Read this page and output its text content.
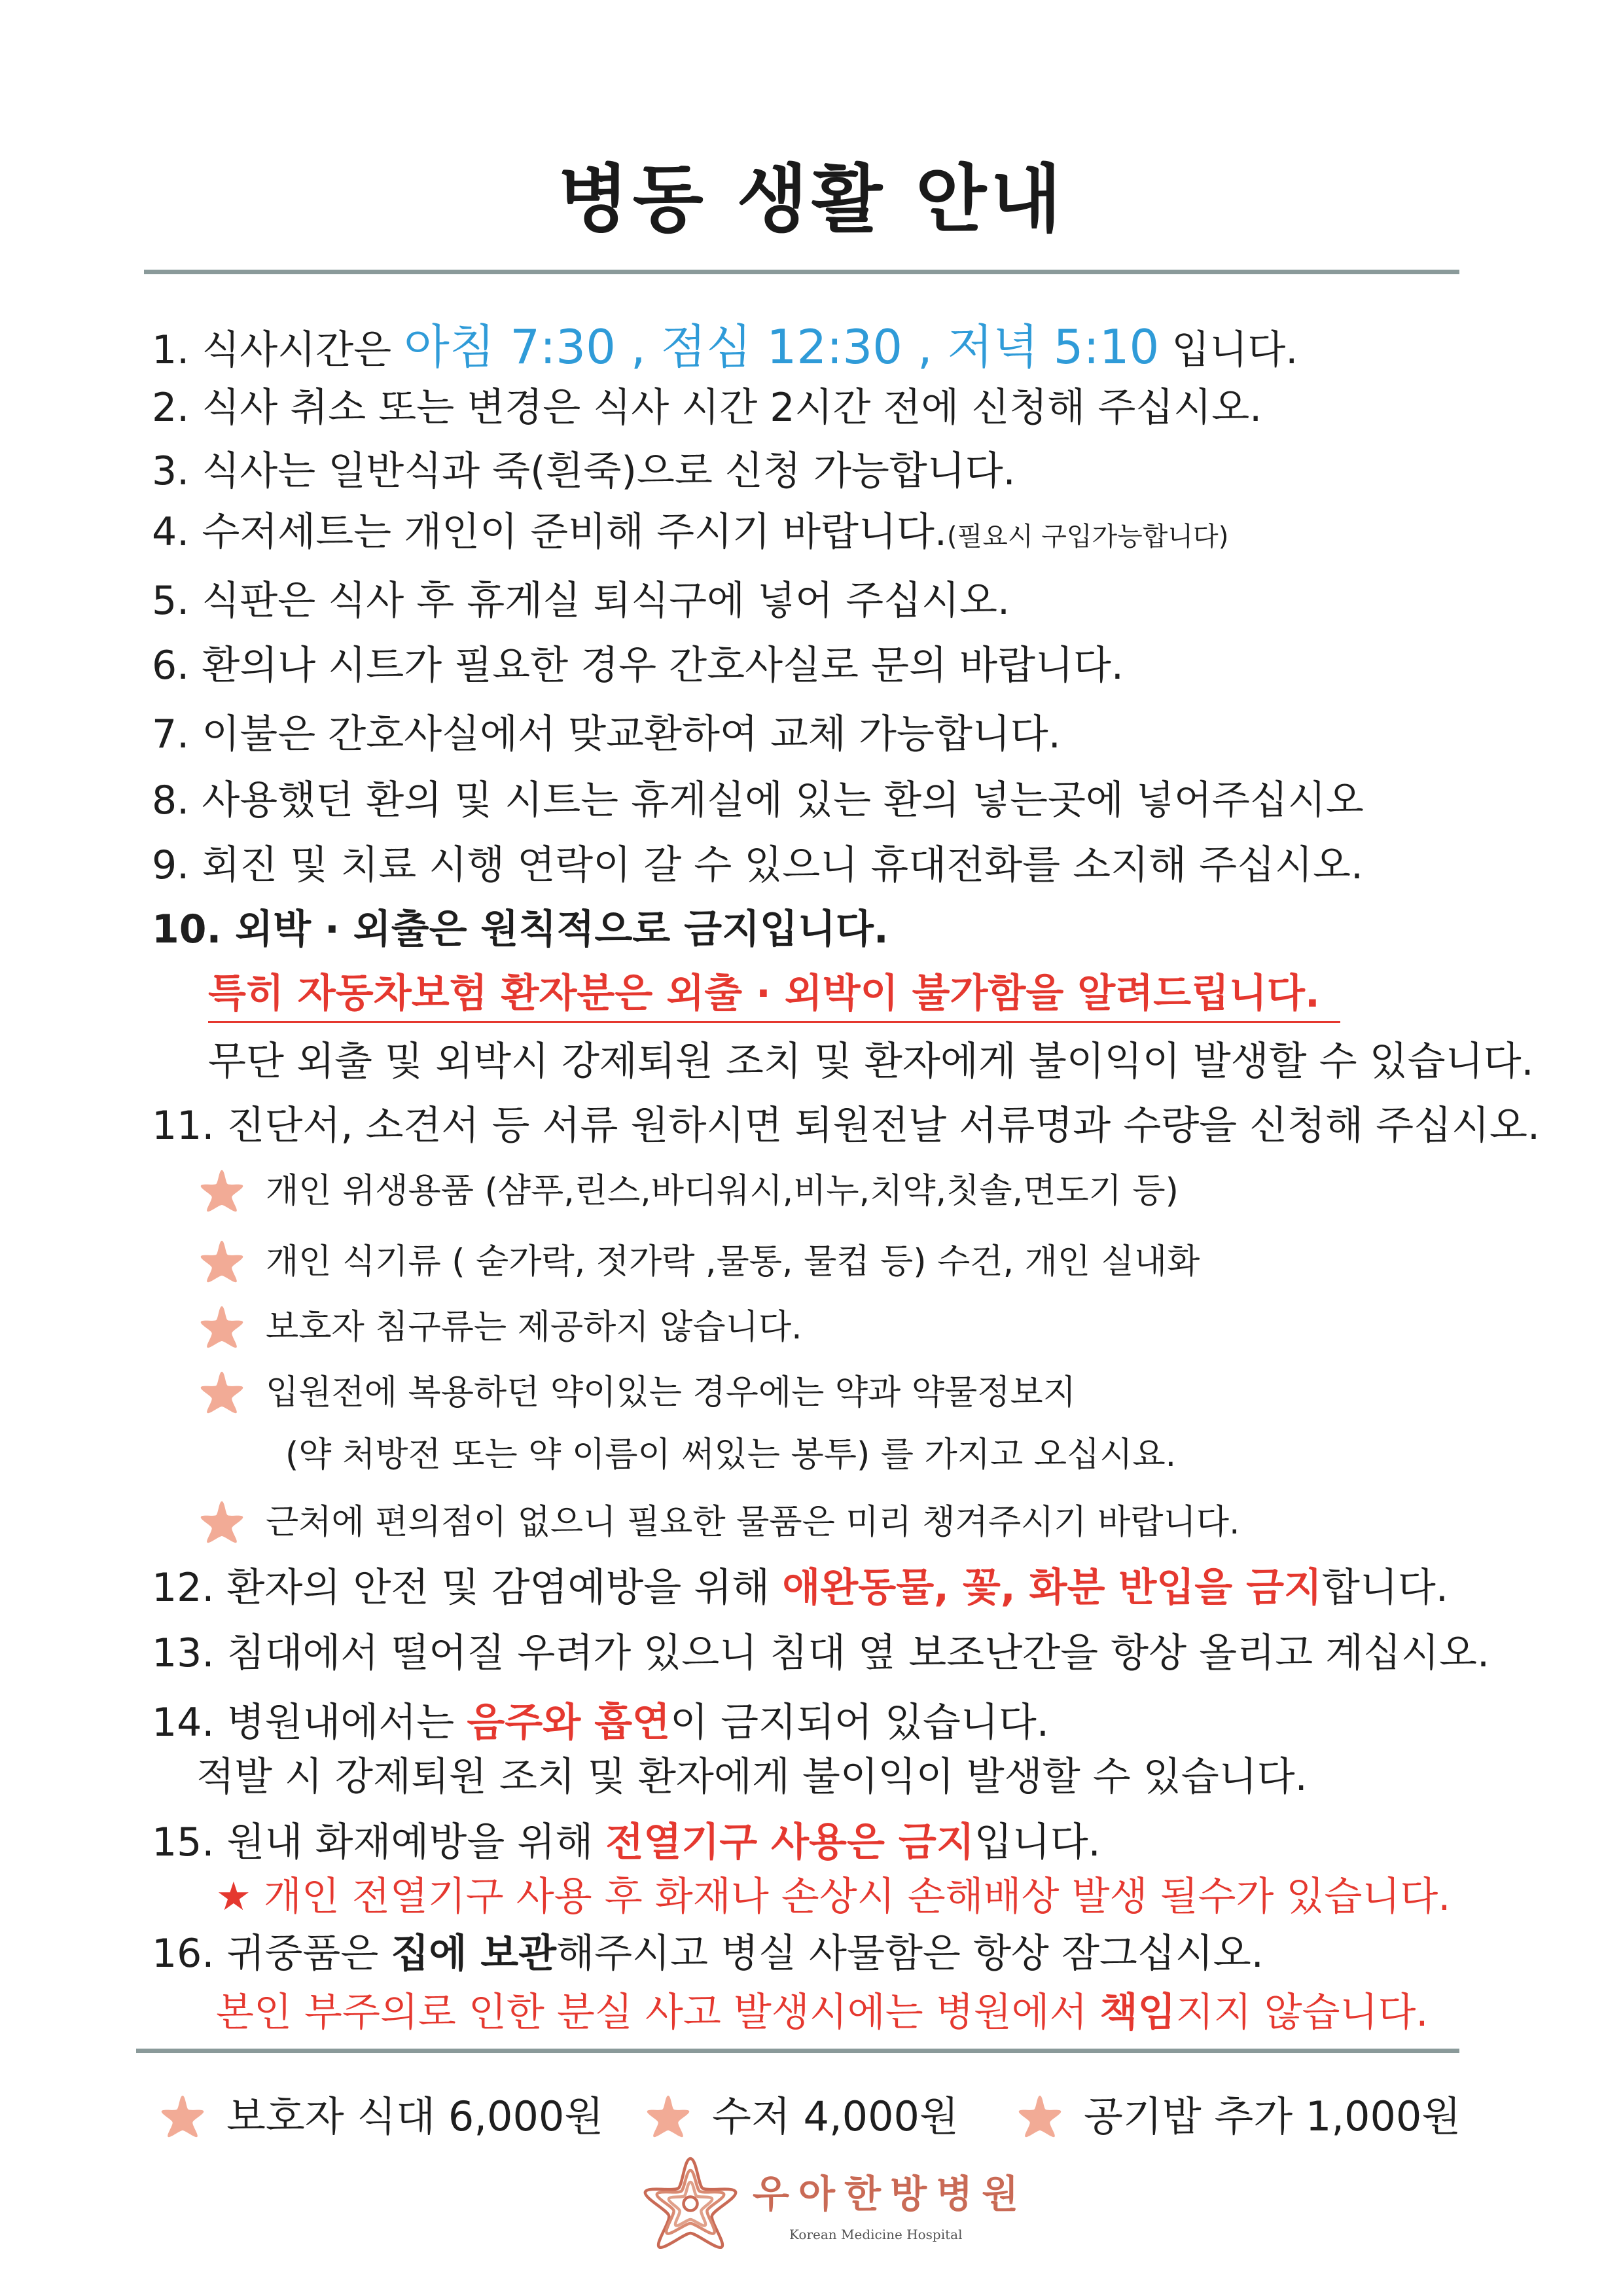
병동 생활 안내
1. 식사시간은 아침 7:30 , 점심 12:30 , 저녁 5:10 입니다.
2. 식사 취소 또는 변경은 식사 시간 2시간 전에 신청해 주십시오.
3. 식사는 일반식과 죽(흰죽)으로 신청 가능합니다.
4. 수저세트는 개인이 준비해 주시기 바랍니다.(필요시 구입가능합니다)
5. 식판은 식사 후 휴게실 퇴식구에 넣어 주십시오.
6. 환의나 시트가 필요한 경우 간호사실로 문의 바랍니다.
7. 이불은 간호사실에서 맞교환하여 교체 가능합니다.
8. 사용했던 환의 및 시트는 휴게실에 있는 환의 넣는곳에 넣어주십시오
9. 회진 및 치료 시행 연락이 갈 수 있으니 휴대전화를 소지해 주십시오.
10. 외박 · 외출은 원칙적으로 금지입니다.
특히 자동차보험 환자분은 외출 · 외박이 불가함을 알려드립니다.
무단 외출 및 외박시 강제퇴원 조치 및 환자에게 불이익이 발생할 수 있습니다.
11. 진단서, 소견서 등 서류 원하시면 퇴원전날 서류명과 수량을 신청해 주십시오.
개인 위생용품 (샴푸,린스,바디워시,비누,치약,칫솔,면도기 등)
개인 식기류 ( 숟가락, 젓가락 ,물통, 물컵 등) 수건, 개인 실내화
보호자 침구류는 제공하지 않습니다.
입원전에 복용하던 약이있는 경우에는 약과 약물정보지
(약 처방전 또는 약 이름이 써있는 봉투) 를 가지고 오십시요.
근처에 편의점이 없으니 필요한 물품은 미리 챙겨주시기 바랍니다.
12. 환자의 안전 및 감염예방을 위해 애완동물, 꽃, 화분 반입을 금지합니다.
13. 침대에서 떨어질 우려가 있으니 침대 옆 보조난간을 항상 올리고 계십시오.
14. 병원내에서는 음주와 흡연이 금지되어 있습니다.
적발 시 강제퇴원 조치 및 환자에게 불이익이 발생할 수 있습니다.
15. 원내 화재예방을 위해 전열기구 사용은 금지입니다.
★ 개인 전열기구 사용 후 화재나 손상시 손해배상 발생 될수가 있습니다.
16. 귀중품은 집에 보관해주시고 병실 사물함은 항상 잠그십시오.
본인 부주의로 인한 분실 사고 발생시에는 병원에서 책임지지 않습니다.
보호자 식대 6,000원	수저 4,000원	공기밥 추가 1,000원
우아한방병원
Korean Medicine Hospital
